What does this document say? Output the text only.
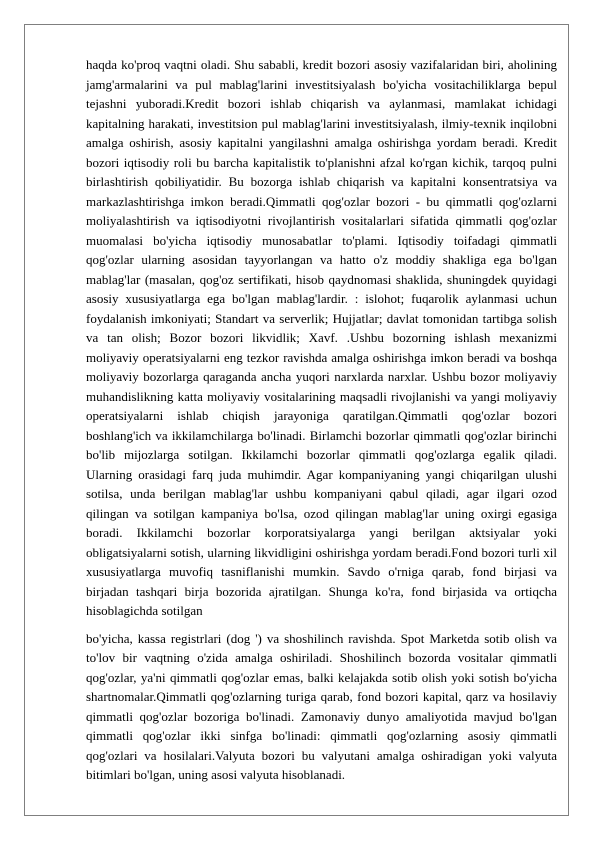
haqda ko'proq vaqtni oladi. Shu sababli, kredit bozori asosiy vazifalaridan biri, aholining jamg'armalarini va pul mablag'larini investitsiyalash bo'yicha vositachiliklarga bepul tejashni yuboradi.Kredit bozori ishlab chiqarish va aylanmasi, mamlakat ichidagi kapitalning harakati, investitsion pul mablag'larini investitsiyalash, ilmiy-texnik inqilobni amalga oshirish, asosiy kapitalni yangilashni amalga oshirishga yordam beradi. Kredit bozori iqtisodiy roli bu barcha kapitalistik to'planishni afzal ko'rgan kichik, tarqoq pulni birlashtirish qobiliyatidir. Bu bozorga ishlab chiqarish va kapitalni konsentratsiya va markazlashtirishga imkon beradi.Qimmatli qog'ozlar bozori - bu qimmatli qog'ozlarni moliyalashtirish va iqtisodiyotni rivojlantirish vositalarlari sifatida qimmatli qog'ozlar muomalasi bo'yicha iqtisodiy munosabatlar to'plami. Iqtisodiy toifadagi qimmatli qog'ozlar ularning asosidan tayyorlangan va hatto o'z moddiy shakliga ega bo'lgan mablag'lar (masalan, qog'oz sertifikati, hisob qaydnomasi shaklida, shuningdek quyidagi asosiy xususiyatlarga ega bo'lgan mablag'lardir. : islohot; fuqarolik aylanmasi uchun foydalanish imkoniyati; Standart va serverlik; Hujjatlar; davlat tomonidan tartibga solish va tan olish; Bozor bozori likvidlik; Xavf. .Ushbu bozorning ishlash mexanizmi moliyaviy operatsiyalarni eng tezkor ravishda amalga oshirishga imkon beradi va boshqa moliyaviy bozorlarga qaraganda ancha yuqori narxlarda narxlar. Ushbu bozor moliyaviy muhandislikning katta moliyaviy vositalarining maqsadli rivojlanishi va yangi moliyaviy operatsiyalarni ishlab chiqish jarayoniga qaratilgan.Qimmatli qog'ozlar bozori boshlang'ich va ikkilamchilarga bo'linadi. Birlamchi bozorlar qimmatli qog'ozlar birinchi bo'lib mijozlarga sotilgan. Ikkilamchi bozorlar qimmatli qog'ozlarga egalik qiladi. Ularning orasidagi farq juda muhimdir. Agar kompaniyaning yangi chiqarilgan ulushi sotilsa, unda berilgan mablag'lar ushbu kompaniyani qabul qiladi, agar ilgari ozod qilingan va sotilgan kampaniya bo'lsa, ozod qilingan mablag'lar uning oxirgi egasiga boradi. Ikkilamchi bozorlar korporatsiyalarga yangi berilgan aktsiyalar yoki obligatsiyalarni sotish, ularning likvidligini oshirishga yordam beradi.Fond bozori turli xil xususiyatlarga muvofiq tasniflanishi mumkin. Savdo o'rniga qarab, fond birjasi va birjadan tashqari birja bozorida ajratilgan. Shunga ko'ra, fond birjasida va ortiqcha hisoblagichda sotilgan

bo'yicha, kassa registrlari (dog ') va shoshilinch ravishda. Spot Marketda sotib olish va to'lov bir vaqtning o'zida amalga oshiriladi. Shoshilinch bozorda vositalar qimmatli qog'ozlar, ya'ni qimmatli qog'ozlar emas, balki kelajakda sotib olish yoki sotish bo'yicha shartnomalar.Qimmatli qog'ozlarning turiga qarab, fond bozori kapital, qarz va hosilaviy qimmatli qog'ozlar bozoriga bo'linadi. Zamonaviy dunyo amaliyotida mavjud bo'lgan qimmatli qog'ozlar ikki sinfga bo'linadi: qimmatli qog'ozlarning asosiy qimmatli qog'ozlari va hosilalari.Valyuta bozori bu valyutani amalga oshiradigan yoki valyuta bitimlari bo'lgan, uning asosi valyuta hisoblanadi.
